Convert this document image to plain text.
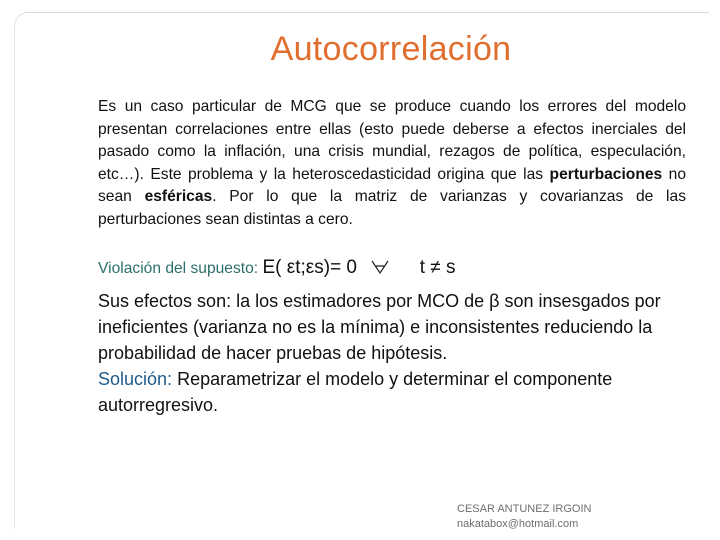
Autocorrelación
Es un caso particular de MCG que se produce cuando los errores del modelo presentan correlaciones entre ellas (esto puede deberse a efectos inerciales del pasado como la inflación, una crisis mundial, rezagos de política, especulación, etc…). Este problema y la heteroscedasticidad origina que las perturbaciones no sean esféricas. Por lo que la matriz de varianzas y covarianzas de las perturbaciones sean distintas a cero.
Violación del supuesto: E( εt;εs)= 0	t ≠ s
Sus efectos son: la los estimadores por MCO de β son insesgados por ineficientes (varianza no es la mínima) e inconsistentes reduciendo la probabilidad de hacer pruebas de hipótesis.
Solución: Reparametrizar el modelo y determinar el componente autorregresivo.
CESAR ANTUNEZ IRGOIN
nakatabox@hotmail.com
